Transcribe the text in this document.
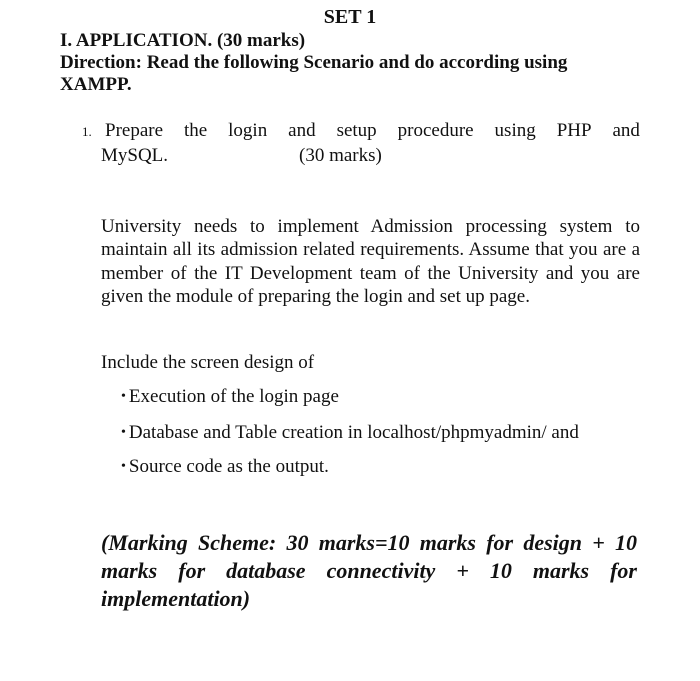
SET 1
I. APPLICATION. (30 marks)
Direction: Read the following Scenario and do according using XAMPP.
1. Prepare the login and setup procedure using PHP and
MySQL.	(30 marks)
University needs to implement Admission processing system to maintain all its admission related requirements. Assume that you are a member of the IT Development team of the University and you are given the module of preparing the login and set up page.
Include the screen design of
• Execution of the login page
• Database and Table creation in localhost/phpmyadmin/ and
• Source code as the output.
(Marking Scheme: 30 marks=10 marks for design + 10 marks for database connectivity + 10 marks for implementation)
